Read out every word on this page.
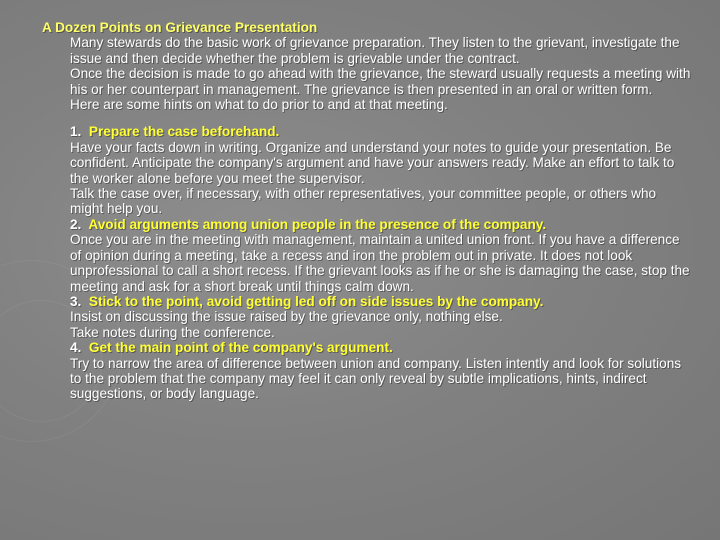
A Dozen Points on Grievance Presentation
Many stewards do the basic work of grievance preparation. They listen to the grievant, investigate the issue and then decide whether the problem is grievable under the contract.
Once the decision is made to go ahead with the grievance, the steward usually requests a meeting with his or her counterpart in management. The grievance is then presented in an oral or written form.
Here are some hints on what to do prior to and at that meeting.
1. Prepare the case beforehand.
Have your facts down in writing. Organize and understand your notes to guide your presentation. Be confident. Anticipate the company's argument and have your answers ready. Make an effort to talk to the worker alone before you meet the supervisor.
Talk the case over, if necessary, with other representatives, your committee people, or others who might help you.
2. Avoid arguments among union people in the presence of the company.
Once you are in the meeting with management, maintain a united union front. If you have a difference of opinion during a meeting, take a recess and iron the problem out in private. It does not look unprofessional to call a short recess. If the grievant looks as if he or she is damaging the case, stop the meeting and ask for a short break until things calm down.
3. Stick to the point, avoid getting led off on side issues by the company.
Insist on discussing the issue raised by the grievance only, nothing else.
Take notes during the conference.
4. Get the main point of the company's argument.
Try to narrow the area of difference between union and company. Listen intently and look for solutions to the problem that the company may feel it can only reveal by subtle implications, hints, indirect suggestions, or body language.
